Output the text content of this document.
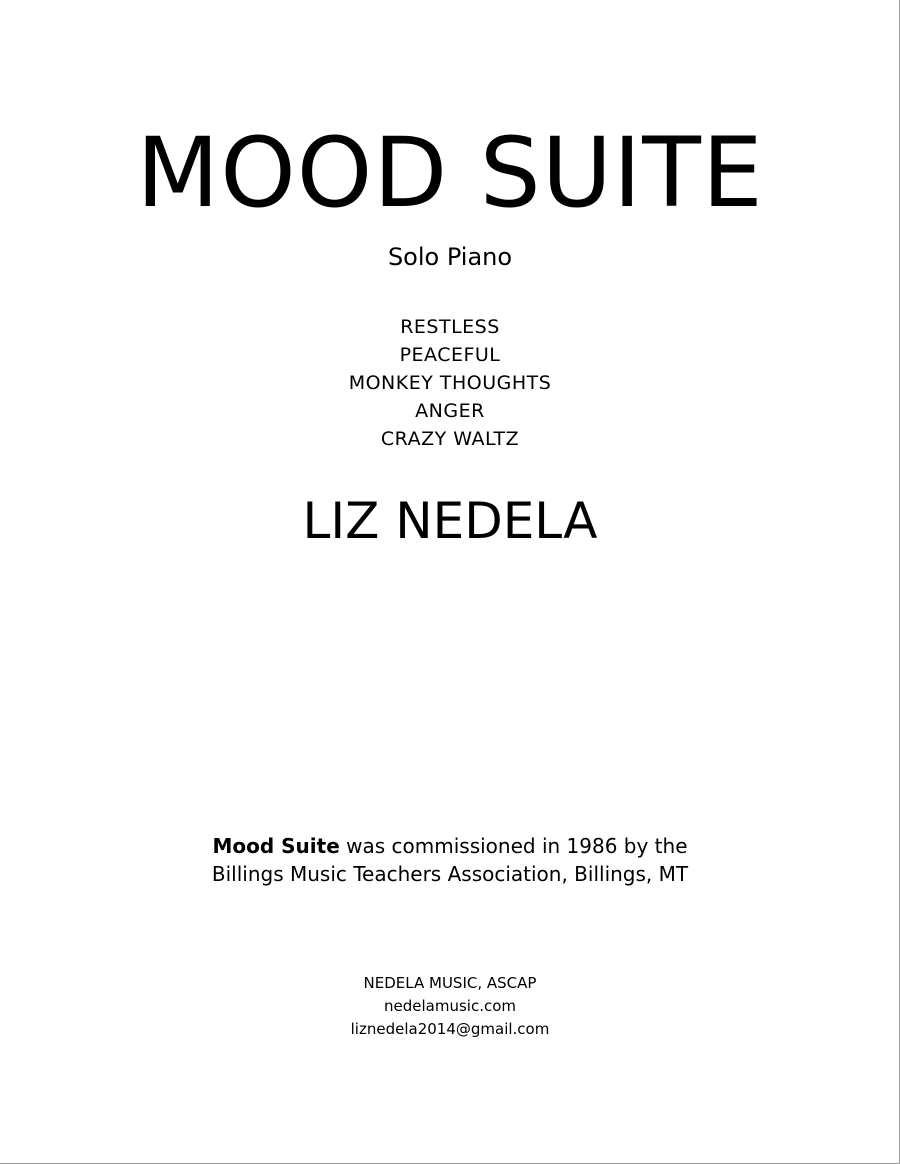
MOOD SUITE
Solo Piano
RESTLESS
PEACEFUL
MONKEY THOUGHTS
ANGER
CRAZY WALTZ
LIZ NEDELA
Mood Suite was commissioned in 1986 by the
Billings Music Teachers Association, Billings, MT
NEDELA MUSIC, ASCAP
nedelamusic.com
liznedela2014@gmail.com
